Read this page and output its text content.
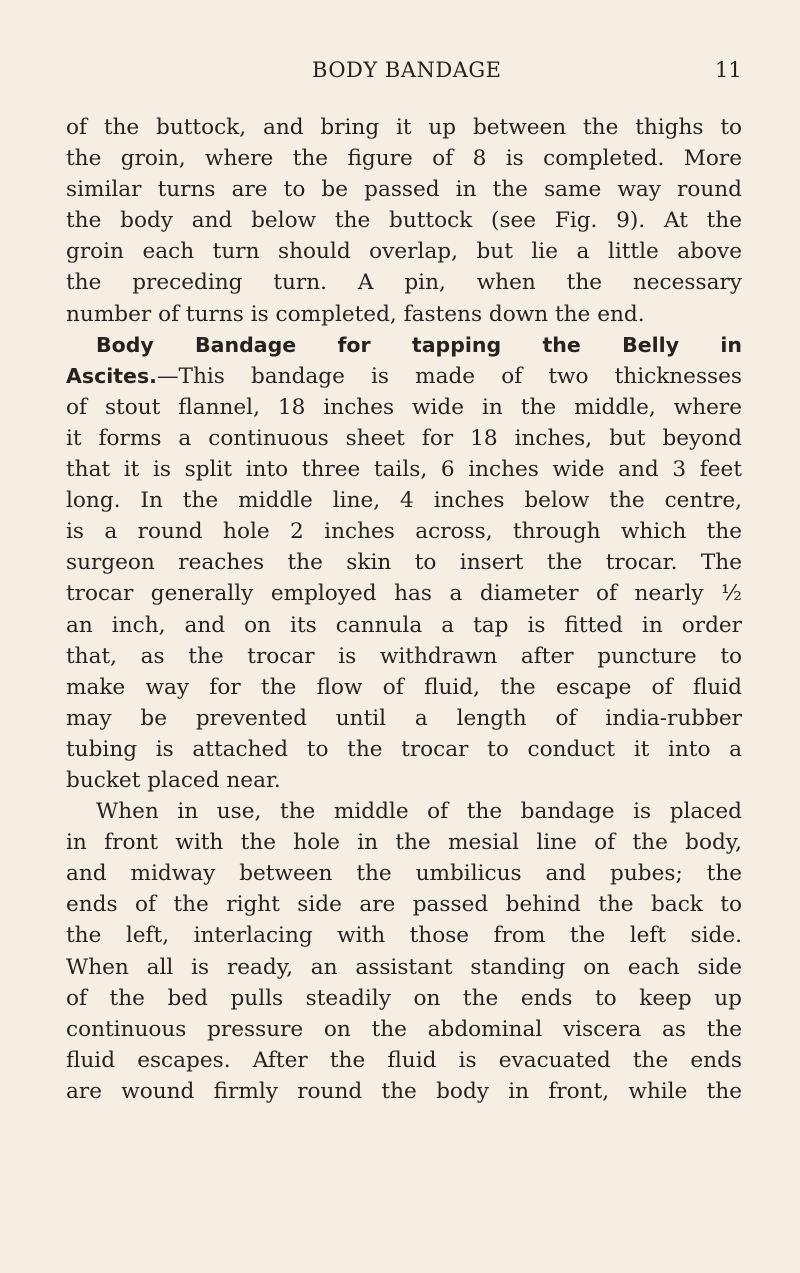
BODY BANDAGE	11
of the buttock, and bring it up between the thighs to
the groin, where the figure of 8 is completed. More
similar turns are to be passed in the same way round
the body and below the buttock (see Fig. 9). At the
groin each turn should overlap, but lie a little above
the preceding turn. A pin, when the necessary
number of turns is completed, fastens down the end.
Body Bandage for tapping the Belly in
Ascites.—This bandage is made of two thicknesses
of stout flannel, 18 inches wide in the middle, where
it forms a continuous sheet for 18 inches, but beyond
that it is split into three tails, 6 inches wide and 3 feet
long. In the middle line, 4 inches below the centre,
is a round hole 2 inches across, through which the
surgeon reaches the skin to insert the trocar. The
trocar generally employed has a diameter of nearly ½
an inch, and on its cannula a tap is fitted in order
that, as the trocar is withdrawn after puncture to
make way for the flow of fluid, the escape of fluid
may be prevented until a length of india-rubber
tubing is attached to the trocar to conduct it into a
bucket placed near.
When in use, the middle of the bandage is placed
in front with the hole in the mesial line of the body,
and midway between the umbilicus and pubes; the
ends of the right side are passed behind the back to
the left, interlacing with those from the left side.
When all is ready, an assistant standing on each side
of the bed pulls steadily on the ends to keep up
continuous pressure on the abdominal viscera as the
fluid escapes. After the fluid is evacuated the ends
are wound firmly round the body in front, while the
